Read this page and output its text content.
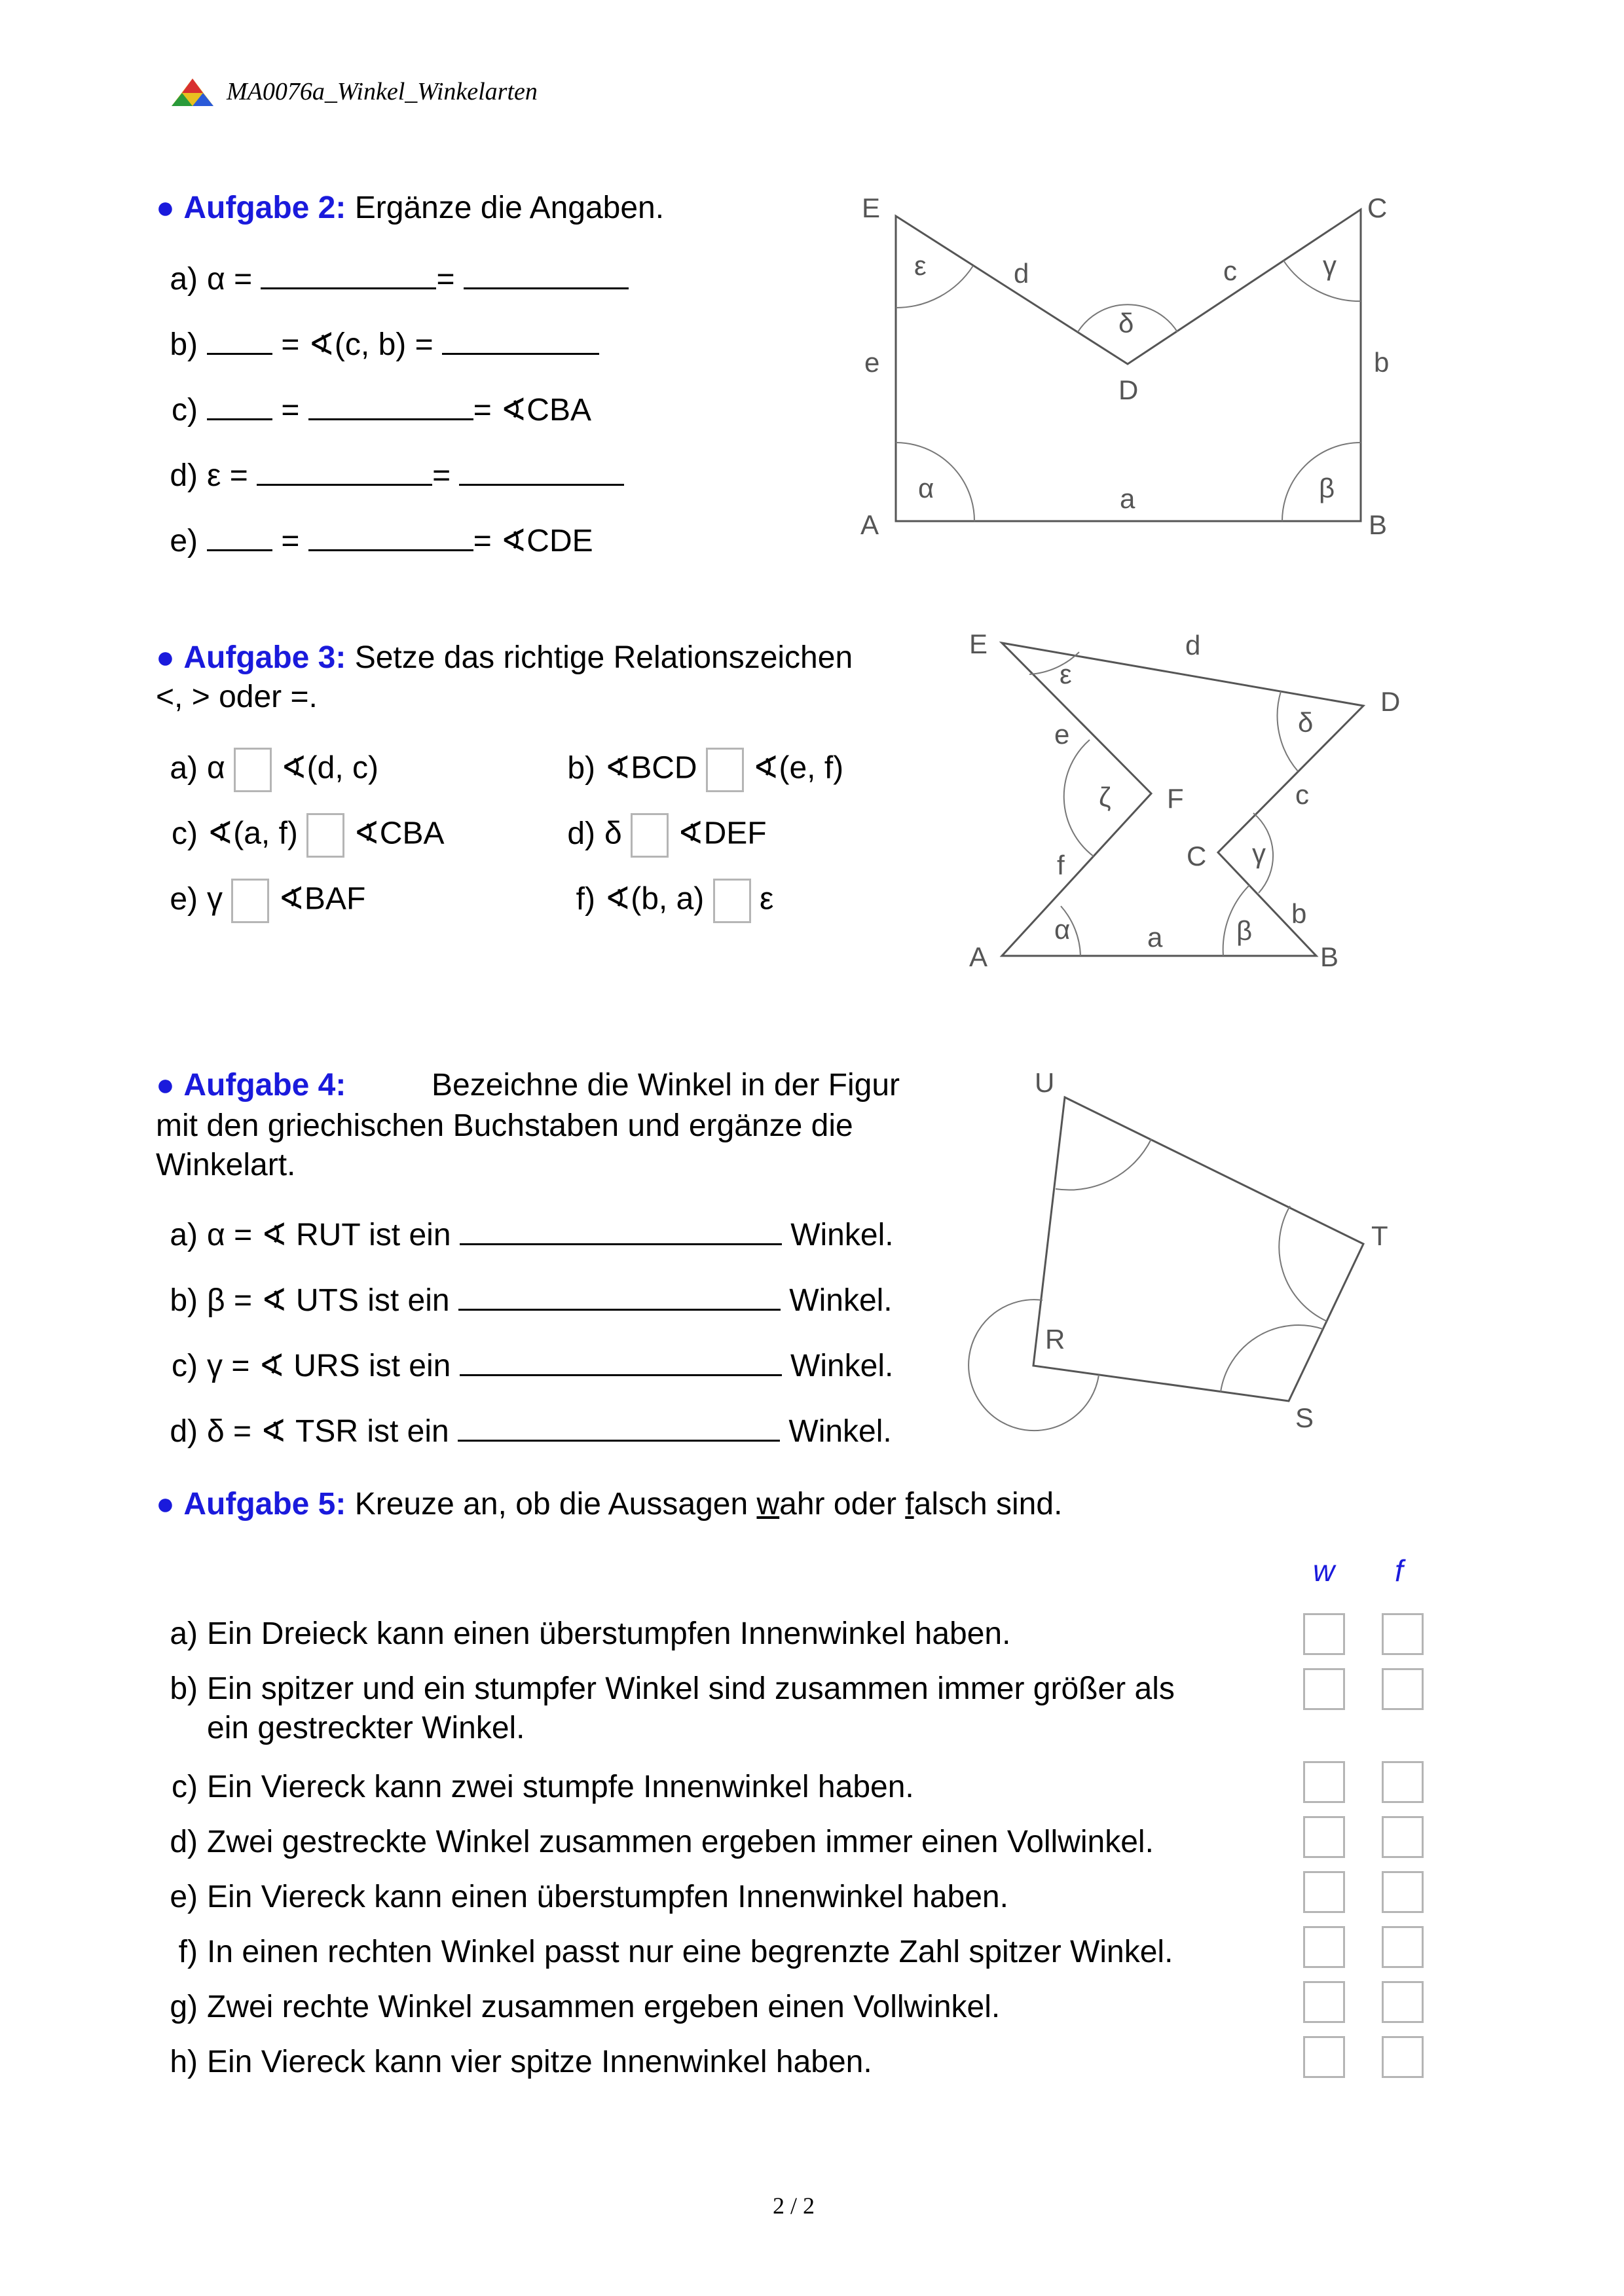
MA0076a_Winkel_Winkelarten
● Aufgabe 2: Ergänze die Angaben.
a) α =	=
b)	= ∢(c, b) =
c)	=	= ∢CBA
d) ε =	=
e)	=	= ∢CDE
E	C
D
A	B
ε	γ
δ
α	β
d	c
e	b
a
● Aufgabe 3: Setze das richtige Relationszeichen
<, > oder =.
a) α ∢(d, c)	b) ∢BCD ∢(e, f)
c) ∢(a, f) ∢CBA	d) δ ∢DEF
e) γ ∢BAF	f) ∢(b, a) ε
E
D
F
C
A	B
ε
δ
ζ
γ
α	β
d
e
c
f
a
b
● Aufgabe 4:	Bezeichne die Winkel in der Figur
mit den griechischen Buchstaben und ergänze die
Winkelart.
a) α = ∢ RUT ist ein	Winkel.
b) β = ∢ UTS ist ein	Winkel.
c) γ = ∢ URS ist ein	Winkel.
d) δ = ∢ TSR ist ein	Winkel.
U
T
R
S
● Aufgabe 5: Kreuze an, ob die Aussagen wahr oder falsch sind.
w f
a) Ein Dreieck kann einen überstumpfen Innenwinkel haben.
b) Ein spitzer und ein stumpfer Winkel sind zusammen immer größer als
ein gestreckter Winkel.
c) Ein Viereck kann zwei stumpfe Innenwinkel haben.
d) Zwei gestreckte Winkel zusammen ergeben immer einen Vollwinkel.
e) Ein Viereck kann einen überstumpfen Innenwinkel haben.
f) In einen rechten Winkel passt nur eine begrenzte Zahl spitzer Winkel.
g) Zwei rechte Winkel zusammen ergeben einen Vollwinkel.
h) Ein Viereck kann vier spitze Innenwinkel haben.
2 / 2
